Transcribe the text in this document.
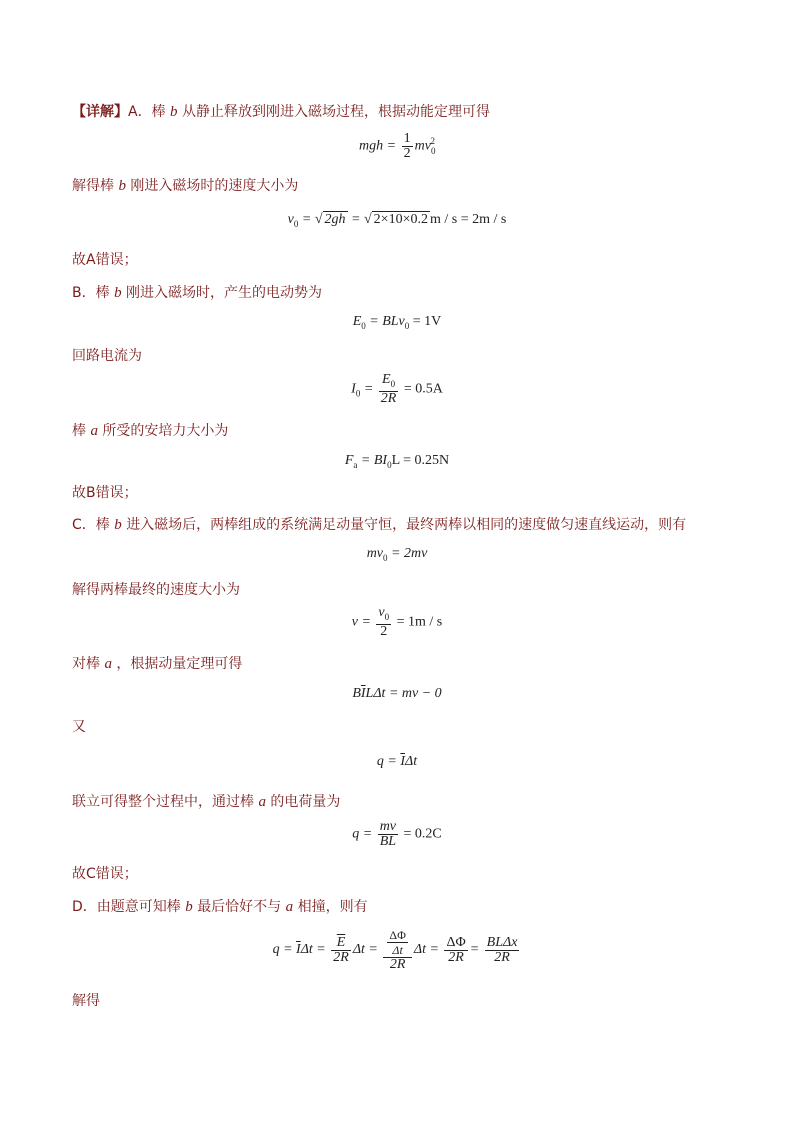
【详解】A．棒 b 从静止释放到刚进入磁场过程，根据动能定理可得
mgh = $\frac{1}{2} mv_0^2$
解得棒 b 刚进入磁场时的速度大小为
$v_0$ = √ 2gh = √ 2×10×0.2 m / s = 2m / s
故A错误；
B．棒 b 刚进入磁场时，产生的电动势为
$E_0 = BLv_0 = 1V$
回路电流为
$I_0 = \frac{E_0}{2R} = 0.5A$
棒 a 所受的安培力大小为
$F_a = BI_0L = 0.25N$
故B错误；
C．棒 b 进入磁场后，两棒组成的系统满足动量守恒，最终两棒以相同的速度做匀速直线运动，则有
$mv_0 = 2mv$
解得两棒最终的速度大小为
$v = \frac{v_0}{2} = 1m / s$
对棒 a ，根据动量定理可得
$B\overline{I}L\Delta t$ = mv − 0
又
$q = \overline{I}\Delta t$
联立可得整个过程中，通过棒 a 的电荷量为
$q = \frac{mv}{BL} = 0.2C$
故C错误；
D．由题意可知棒 b 最后恰好不与 a 相撞，则有
$q = \overline{I}\Delta t = \frac{\overline{E}}{2R}$ $\Delta t = \frac{\frac{\Delta\Phi}{\Delta t}}{2R}$ $\Delta t = \frac{\Delta\Phi}{2R} = \frac{\text{BLΔx}}{2R}$
解得
